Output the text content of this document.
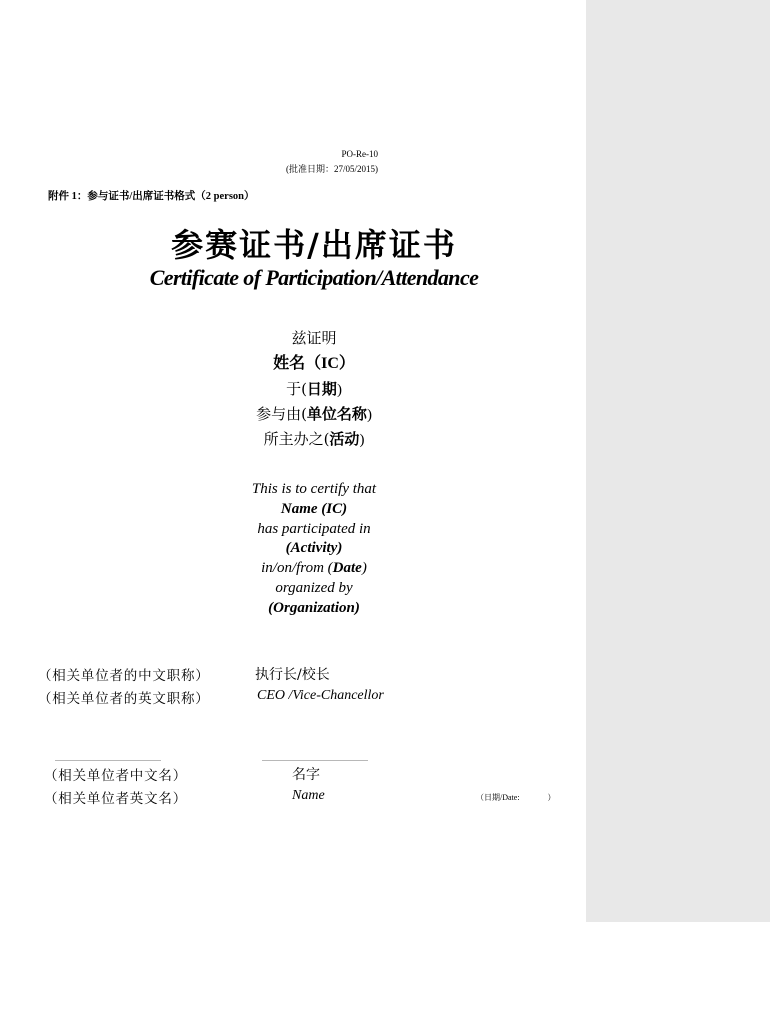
PO-Re-10
(批准日期：27/05/2015)
附件 1：参与证书/出席证书格式（2 person）
参赛证书/出席证书
Certificate of Participation/Attendance
兹证明
姓名（IC）
于(日期)
参与由(单位名称)
所主办之(活动)
This is to certify that
Name (IC)
has participated in
(Activity)
in/on/from (Date)
organized by
(Organization)
（相关单位者的中文职称）
（相关单位者的英文职称）
执行长/校长
CEO /Vice-Chancellor
（相关单位者中文名）
（相关单位者英文名）
名字
Name	（日期/Date:              ）
